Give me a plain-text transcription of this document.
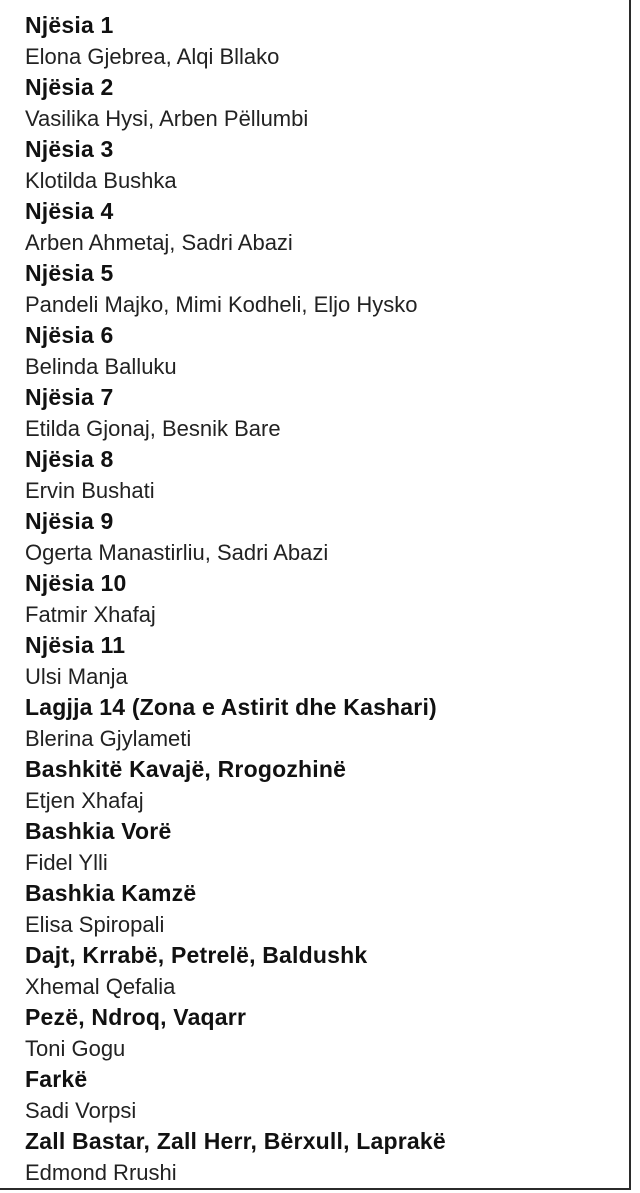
Njësia 1
Elona Gjebrea, Alqi Bllako
Njësia 2
Vasilika Hysi, Arben Pëllumbi
Njësia 3
Klotilda Bushka
Njësia 4
Arben Ahmetaj, Sadri Abazi
Njësia 5
Pandeli Majko, Mimi Kodheli, Eljo Hysko
Njësia 6
Belinda Balluku
Njësia 7
Etilda Gjonaj, Besnik Bare
Njësia 8
Ervin Bushati
Njësia 9
Ogerta Manastirliu, Sadri Abazi
Njësia 10
Fatmir Xhafaj
Njësia 11
Ulsi Manja
Lagjja 14 (Zona e Astirit dhe Kashari)
Blerina Gjylameti
Bashkitë Kavajë, Rrogozhinë
Etjen Xhafaj
Bashkia Vorë
Fidel Ylli
Bashkia Kamzë
Elisa Spiropali
Dajt, Krrabë, Petrelë, Baldushk
Xhemal Qefalia
Pezë, Ndroq, Vaqarr
Toni Gogu
Farkë
Sadi Vorpsi
Zall Bastar, Zall Herr, Bërxull, Laprakë
Edmond Rrushi
